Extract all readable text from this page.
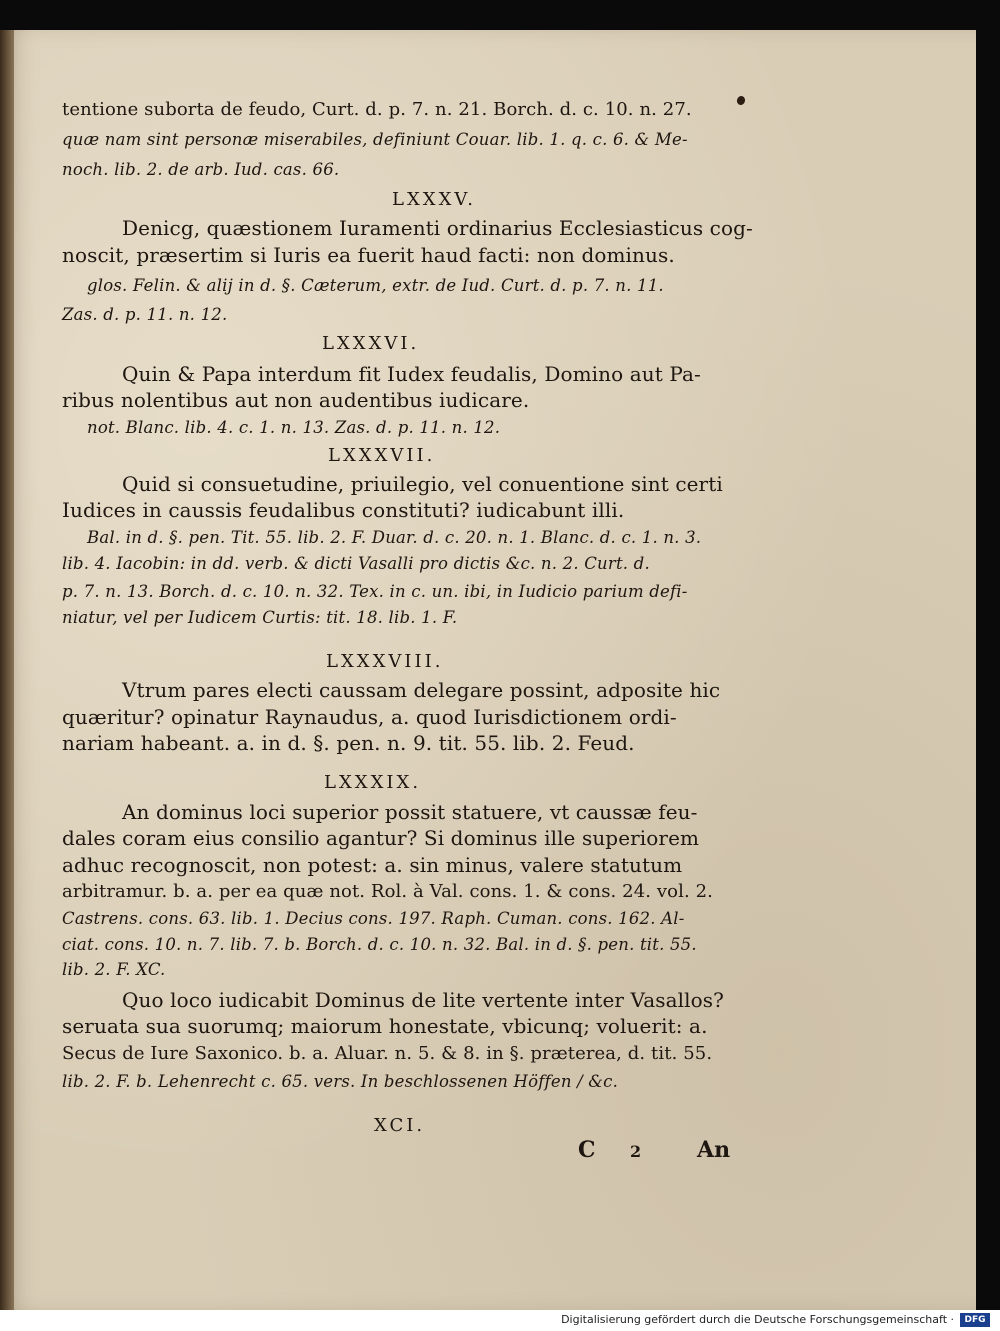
tentione suborta de feudo, Curt. d. p. 7. n. 21. Borch. d. c. 10. n. 27.
quæ nam sint personæ miserabiles, definiunt Couar. lib. 1. q. c. 6. & Me-
noch. lib. 2. de arb. Iud. cas. 66.
LXXXV.
Denicg, quæstionem Iuramenti ordinarius Ecclesiasticus cog-
noscit, præsertim si Iuris ea fuerit haud facti: non dominus.
glos. Felin. & alij in d. §. Cæterum, extr. de Iud. Curt. d. p. 7. n. 11.
Zas. d. p. 11. n. 12.
LXXXVI.
Quin & Papa interdum fit Iudex feudalis, Domino aut Pa-
ribus nolentibus aut non audentibus iudicare.
not. Blanc. lib. 4. c. 1. n. 13. Zas. d. p. 11. n. 12.
LXXXVII.
Quid si consuetudine, priuilegio, vel conuentione sint certi
Iudices in caussis feudalibus constituti? iudicabunt illi.
Bal. in d. §. pen. Tit. 55. lib. 2. F. Duar. d. c. 20. n. 1. Blanc. d. c. 1. n. 3.
lib. 4. Iacobin: in dd. verb. & dicti Vasalli pro dictis &c. n. 2. Curt. d.
p. 7. n. 13. Borch. d. c. 10. n. 32. Tex. in c. un. ibi, in Iudicio parium defi-
niatur, vel per Iudicem Curtis: tit. 18. lib. 1. F.
LXXXVIII.
Vtrum pares electi caussam delegare possint, adposite hic
quæritur? opinatur Raynaudus, a. quod Iurisdictionem ordi-
nariam habeant. a. in d. §. pen. n. 9. tit. 55. lib. 2. Feud.
LXXXIX.
An dominus loci superior possit statuere, vt caussæ feu-
dales coram eius consilio agantur? Si dominus ille superiorem
adhuc recognoscit, non potest: a. sin minus, valere statutum
arbitramur. b. a. per ea quæ not. Rol. à Val. cons. 1. & cons. 24. vol. 2.
Castrens. cons. 63. lib. 1. Decius cons. 197. Raph. Cuman. cons. 162. Al-
ciat. cons. 10. n. 7. lib. 7. b. Borch. d. c. 10. n. 32. Bal. in d. §. pen. tit. 55.
lib. 2. F. XC.
Quo loco iudicabit Dominus de lite vertente inter Vasallos?
seruata sua suorumq; maiorum honestate, vbicunq; voluerit: a.
Secus de Iure Saxonico. b. a. Aluar. n. 5. & 8. in §. præterea, d. tit. 55.
lib. 2. F. b. Lehenrecht c. 65. vers. In beschlossenen Höffen / &c.
XCI.
C 2	An
Digitalisierung gefördert durch die Deutsche Forschungsgemeinschaft ·	DFG
